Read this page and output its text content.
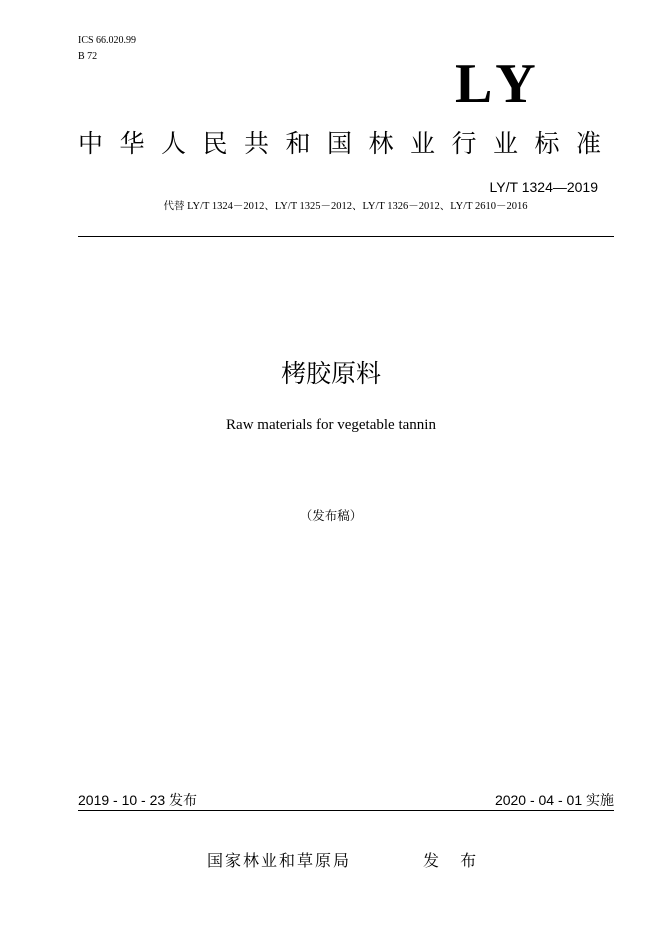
ICS 66.020.99
B 72	LY
中华人民共和国林业行业标准
LY/T 1324—2019
代替 LY/T 1324－2012、LY/T 1325－2012、LY/T 1326－2012、LY/T 2610－2016
栲胶原料
Raw materials for vegetable tannin
（发布稿）
2019 - 10 - 23 发布	2020 - 04 - 01 实施
国家林业和草原局	发 布
